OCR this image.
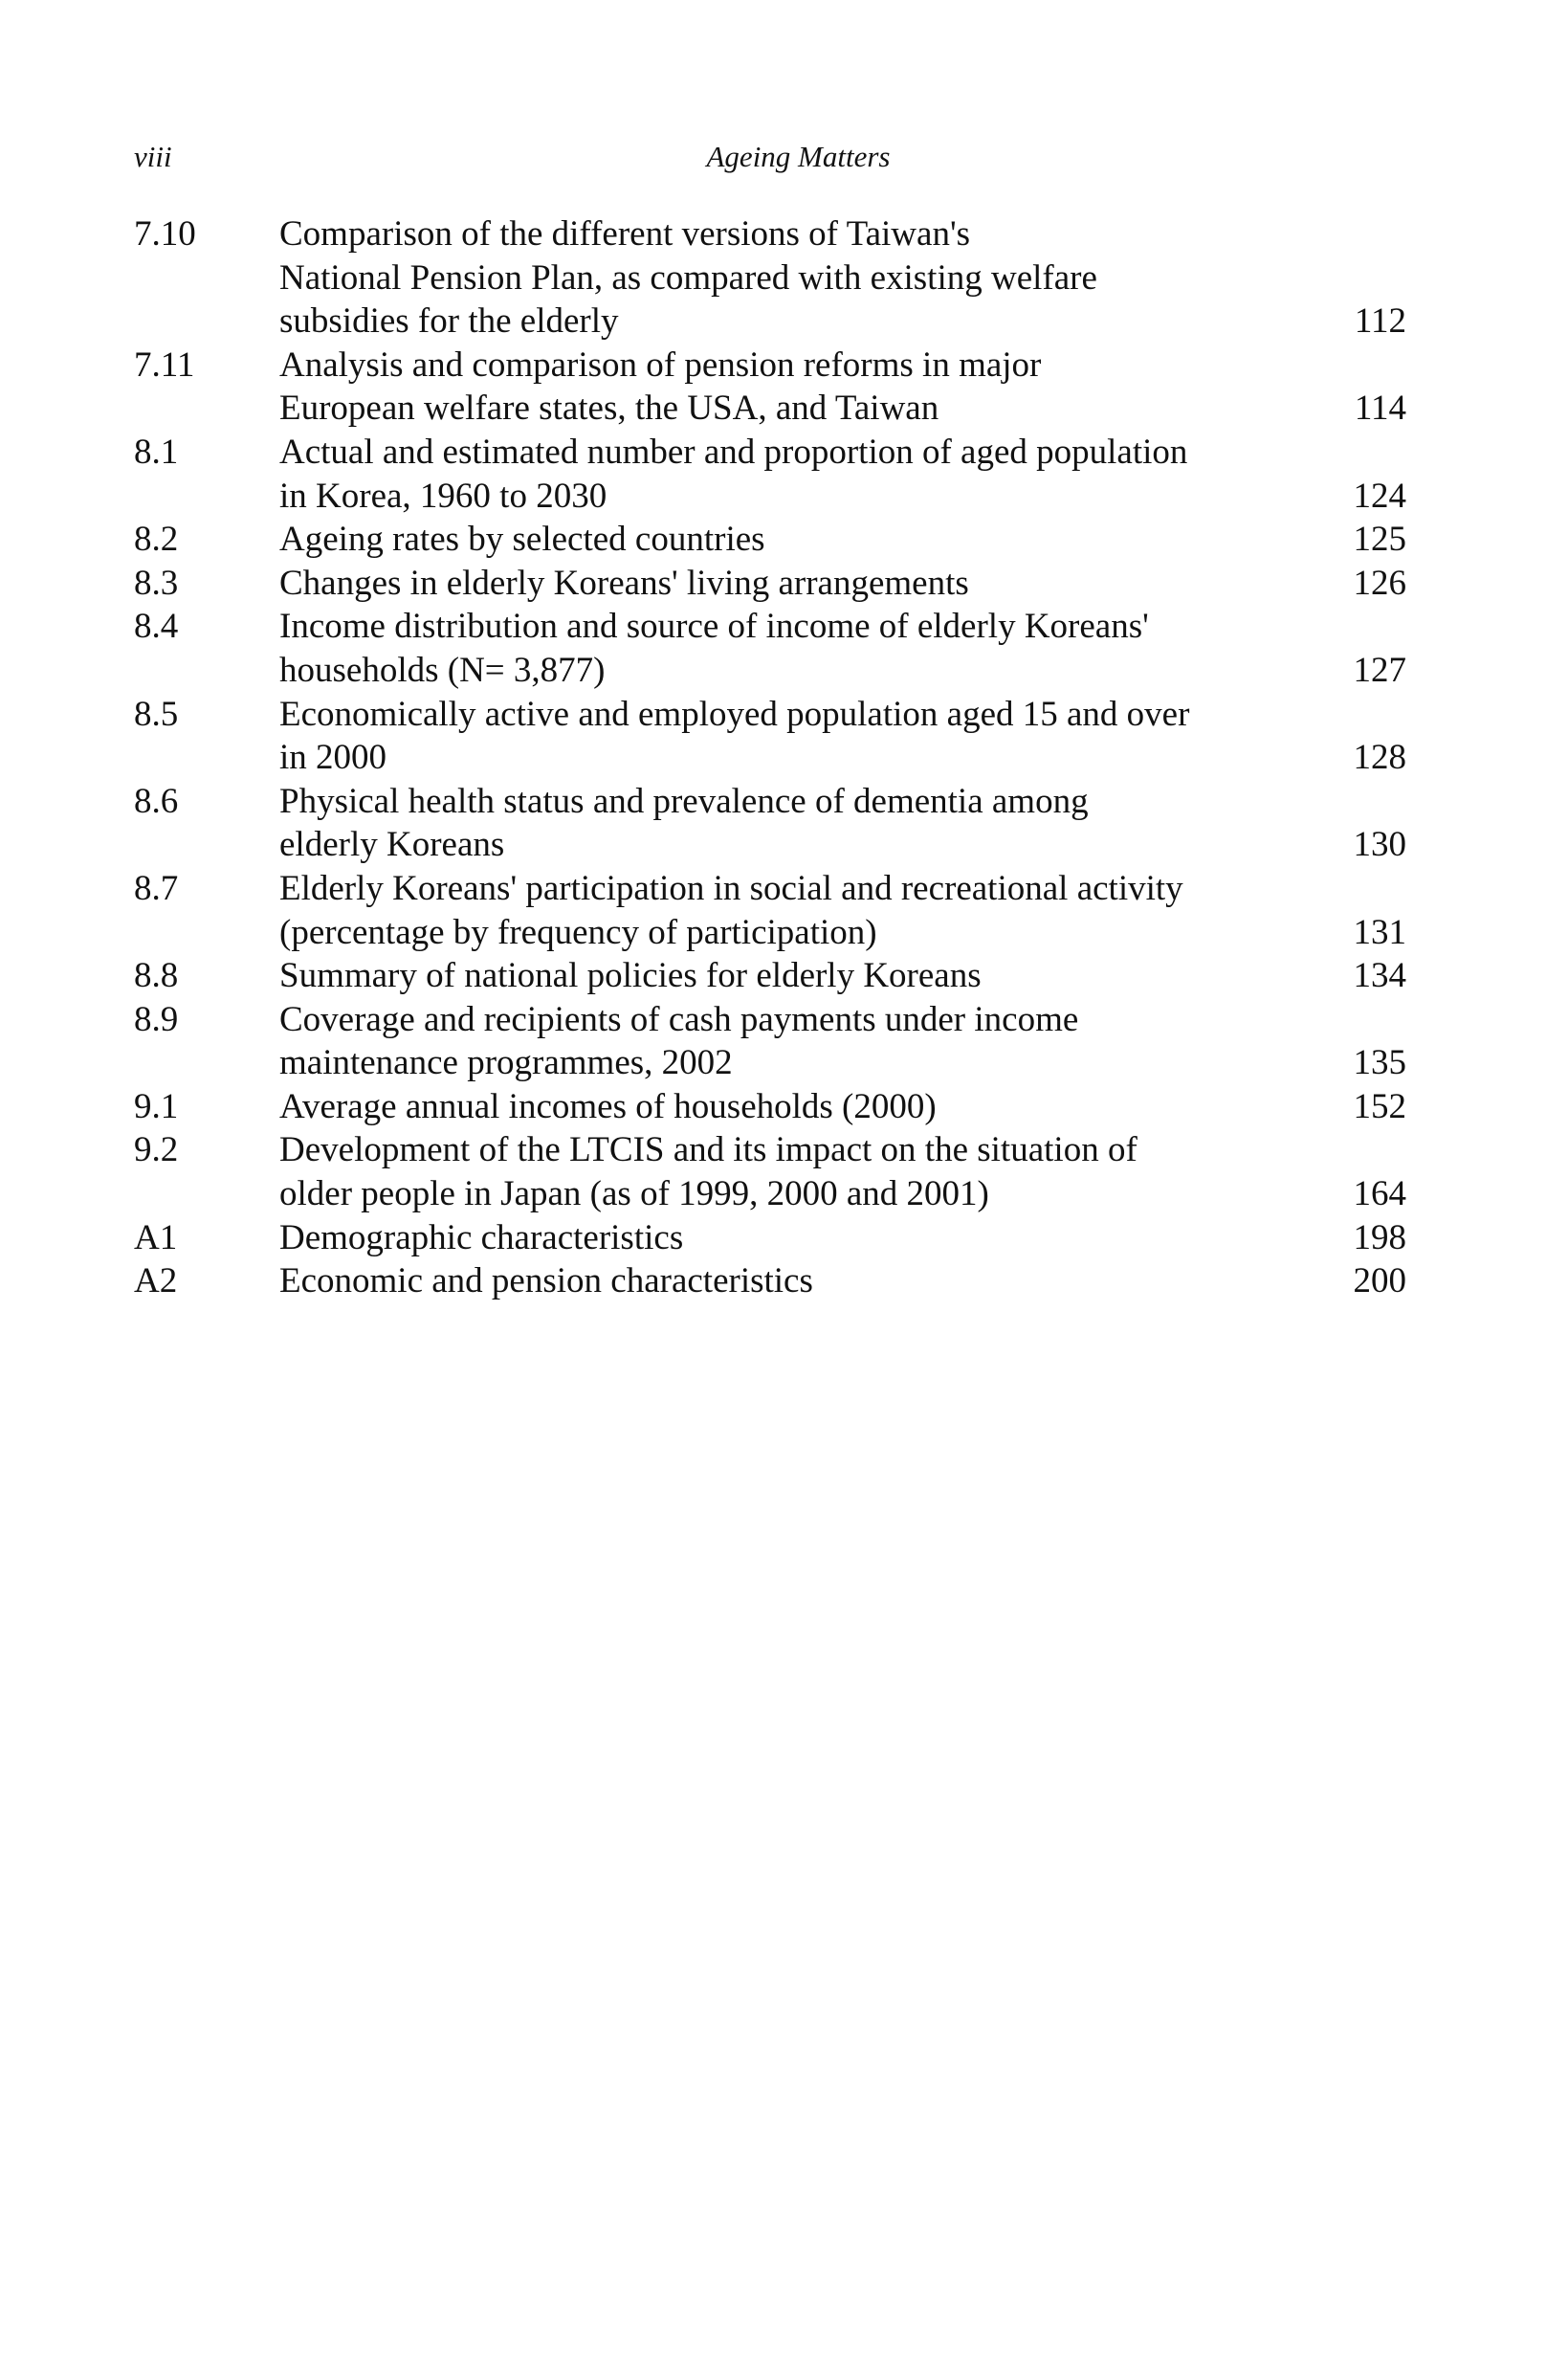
viii	Ageing Matters
7.10	Comparison of the different versions of Taiwan's
National Pension Plan, as compared with existing welfare
subsidies for the elderly	112
7.11	Analysis and comparison of pension reforms in major
European welfare states, the USA, and Taiwan	114
8.1	Actual and estimated number and proportion of aged population
in Korea, 1960 to 2030	124
8.2	Ageing rates by selected countries	125
8.3	Changes in elderly Koreans' living arrangements	126
8.4	Income distribution and source of income of elderly Koreans'
households (N= 3,877)	127
8.5	Economically active and employed population aged 15 and over
in 2000	128
8.6	Physical health status and prevalence of dementia among
elderly Koreans	130
8.7	Elderly Koreans' participation in social and recreational activity
(percentage by frequency of participation)	131
8.8	Summary of national policies for elderly Koreans	134
8.9	Coverage and recipients of cash payments under income
maintenance programmes, 2002	135
9.1	Average annual incomes of households (2000)	152
9.2	Development of the LTCIS and its impact on the situation of
older people in Japan (as of 1999, 2000 and 2001)	164
A1	Demographic characteristics	198
A2	Economic and pension characteristics	200
